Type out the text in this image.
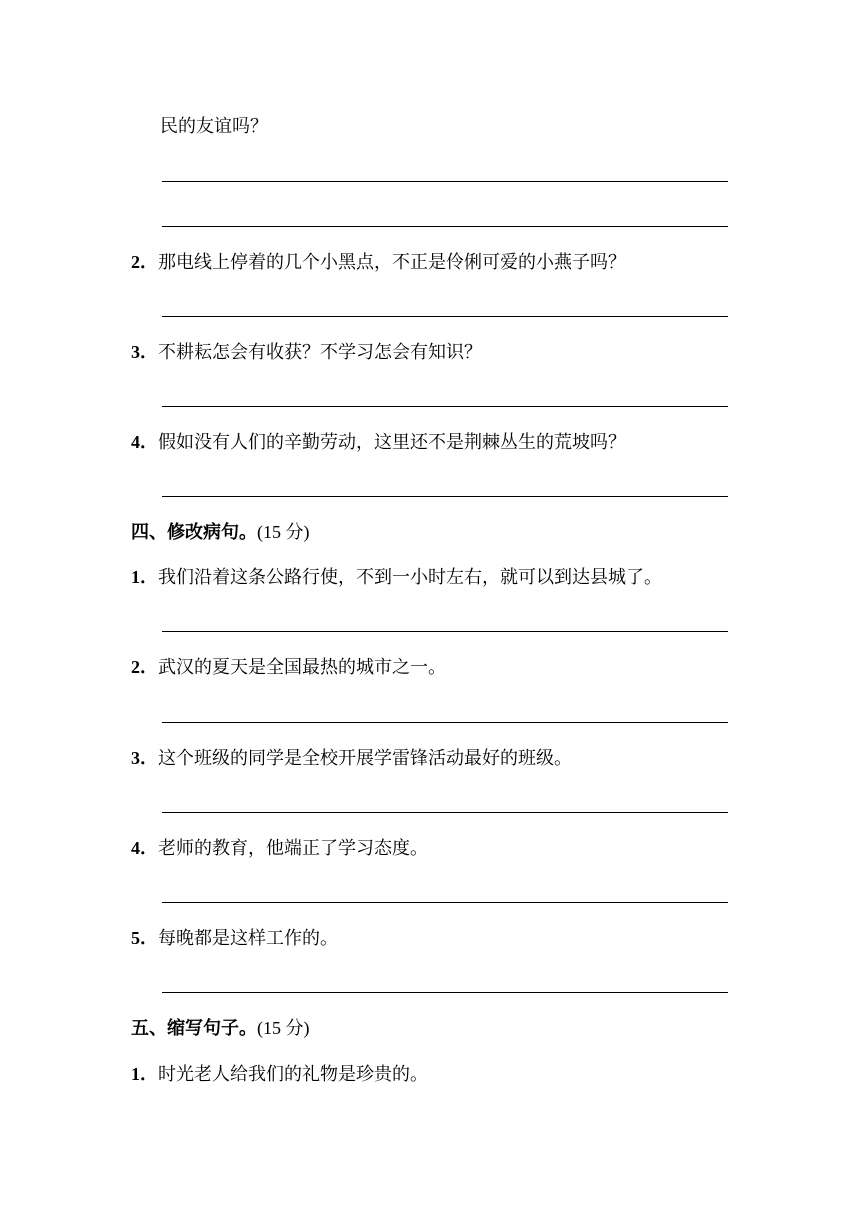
民的友谊吗？
2．那电线上停着的几个小黑点，不正是伶俐可爱的小燕子吗？
3．不耕耘怎会有收获？不学习怎会有知识？
4．假如没有人们的辛勤劳动，这里还不是荆棘丛生的荒坡吗？
四、修改病句。(15 分)
1．我们沿着这条公路行使，不到一小时左右，就可以到达县城了。
2．武汉的夏天是全国最热的城市之一。
3．这个班级的同学是全校开展学雷锋活动最好的班级。
4．老师的教育，他端正了学习态度。
5．每晚都是这样工作的。
五、缩写句子。(15 分)
1．时光老人给我们的礼物是珍贵的。
